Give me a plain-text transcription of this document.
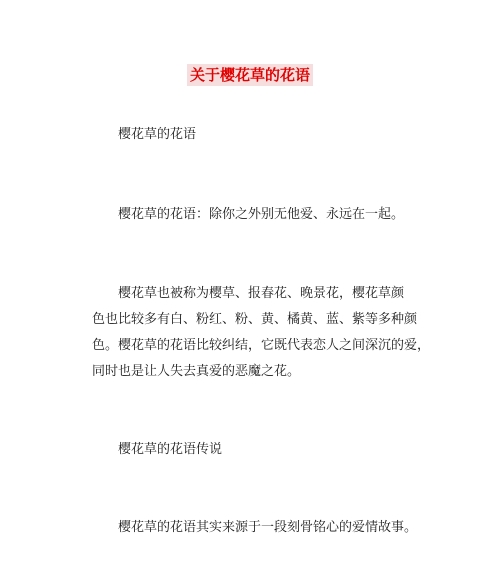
关于樱花草的花语

樱花草的花语

樱花草的花语：除你之外别无他爱、永远在一起。

樱花草也被称为樱草、报春花、晚景花，樱花草颜
色也比较多有白、粉红、粉、黄、橘黄、蓝、紫等多种颜
色。樱花草的花语比较纠结，它既代表恋人之间深沉的爱，
同时也是让人失去真爱的恶魔之花。

樱花草的花语传说

樱花草的花语其实来源于一段刻骨铭心的爱情故事。
